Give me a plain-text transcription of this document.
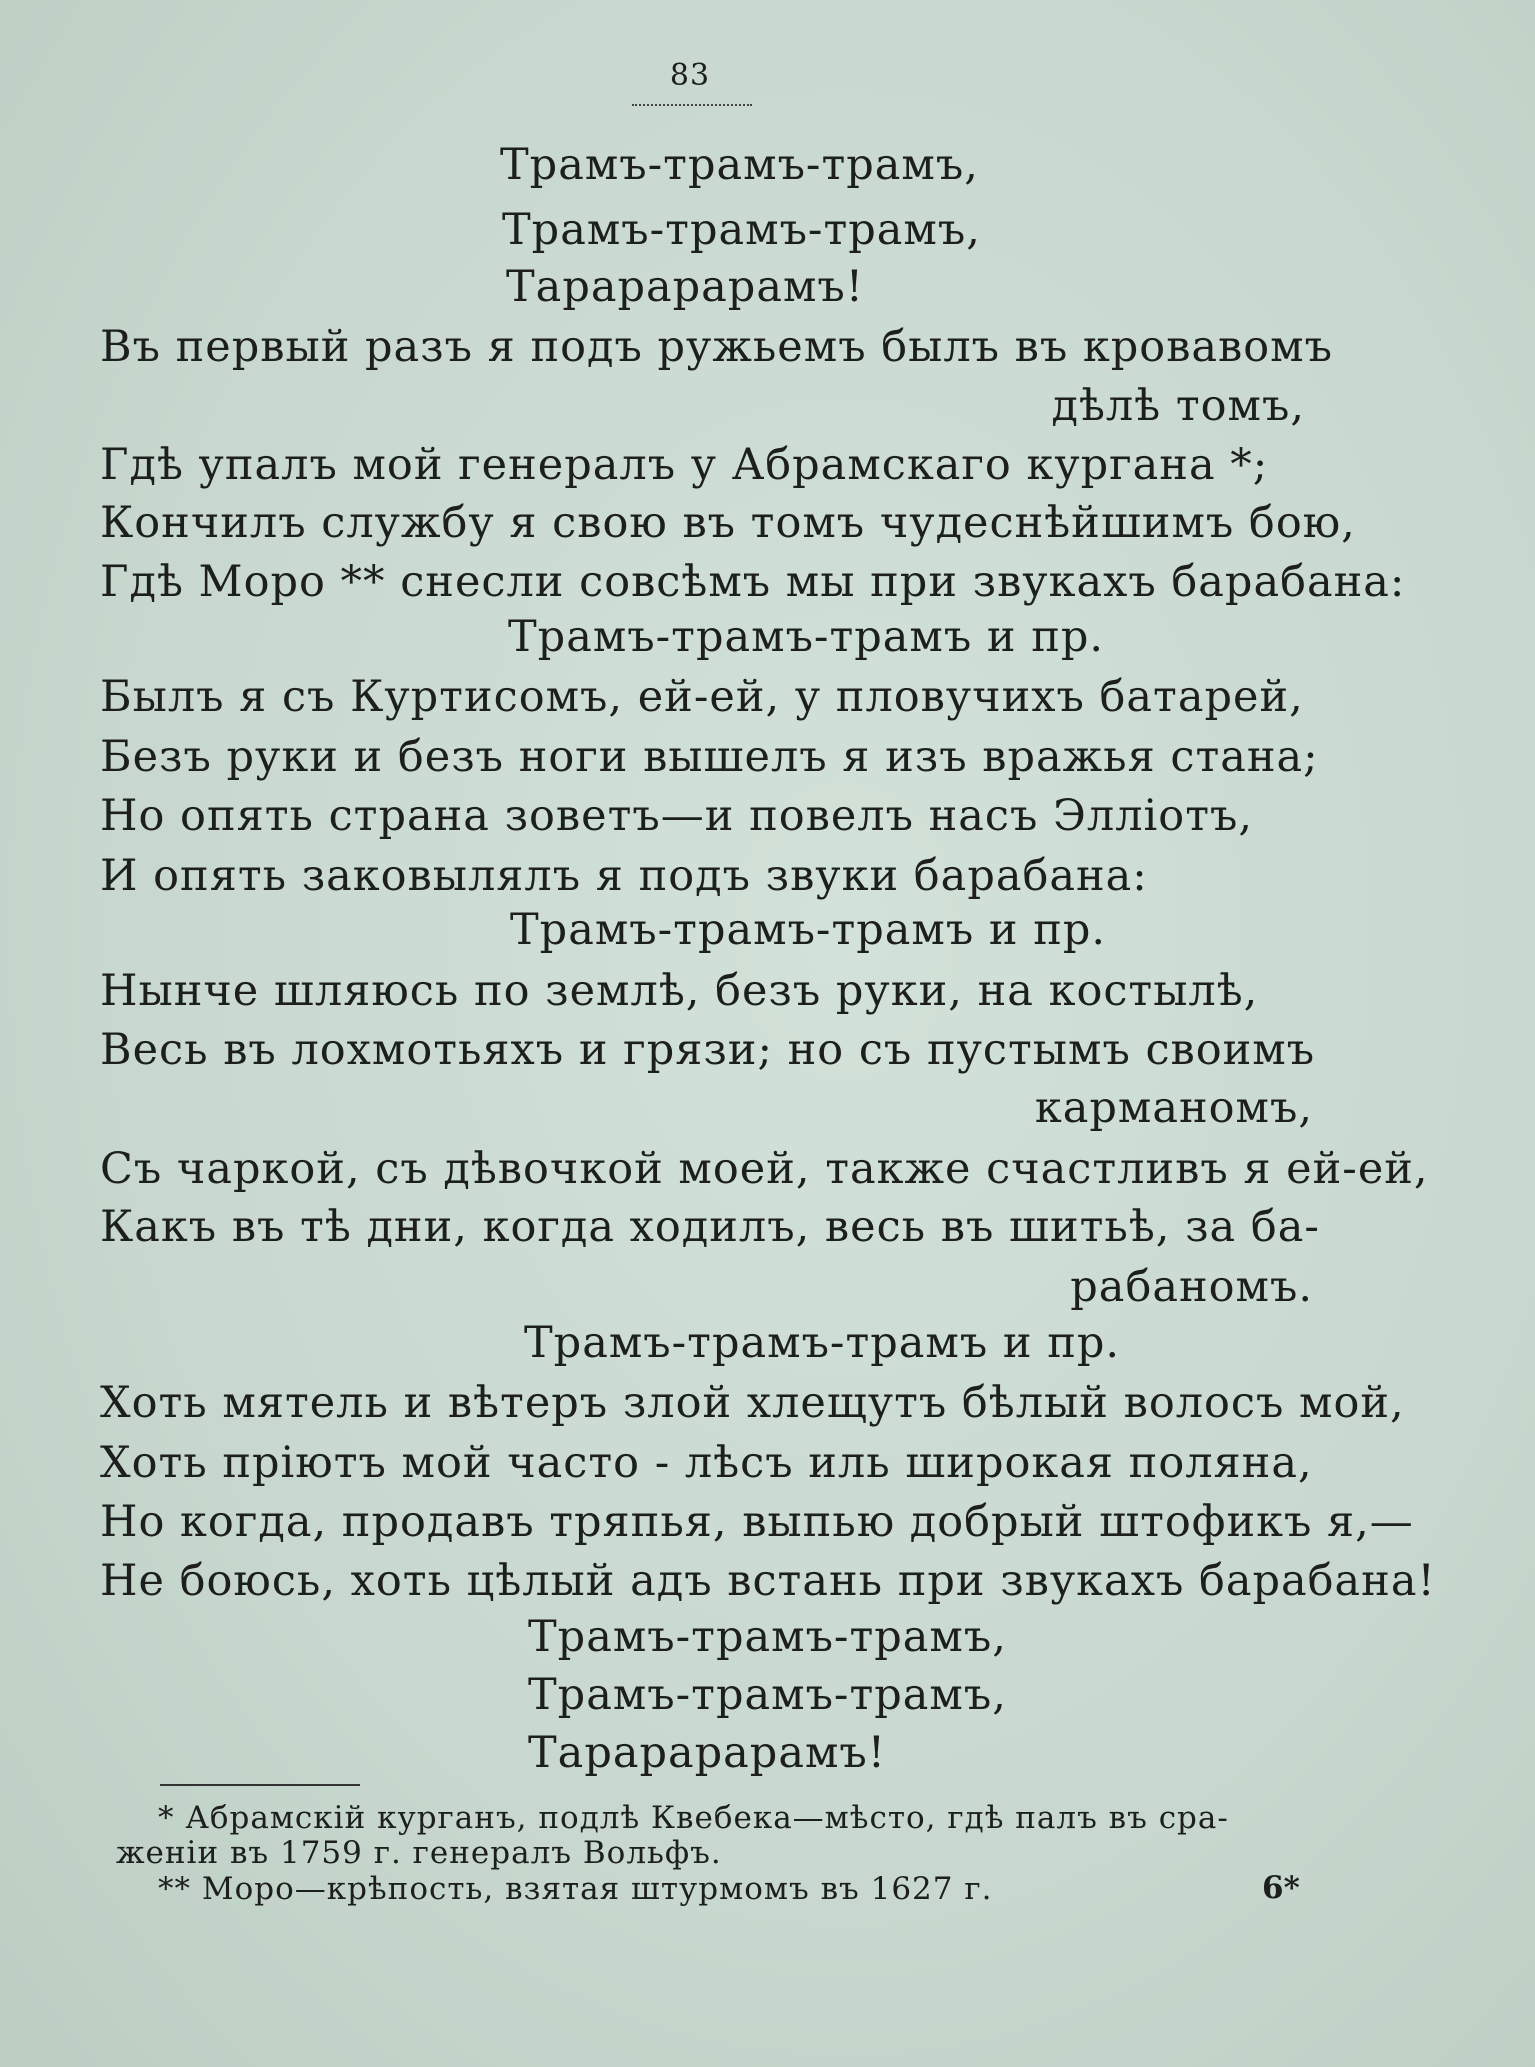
83
Трамъ-трамъ-трамъ,
Трамъ-трамъ-трамъ,
Тарарарарамъ!
Въ первый разъ я подъ ружьемъ былъ въ кровавомъ
дѣлѣ томъ,
Гдѣ упалъ мой генералъ у Абрамскаго кургана *;
Кончилъ службу я свою въ томъ чудеснѣйшимъ бою,
Гдѣ Моро ** снесли совсѣмъ мы при звукахъ барабана:
Трамъ-трамъ-трамъ и пр.
Былъ я съ Куртисомъ, ей-ей, у пловучихъ батарей,
Безъ руки и безъ ноги вышелъ я изъ вражья стана;
Но опять страна зоветъ—и повелъ насъ Эллiотъ,
И опять заковылялъ я подъ звуки барабана:
Трамъ-трамъ-трамъ и пр.
Нынче шляюсь по землѣ, безъ руки, на костылѣ,
Весь въ лохмотьяхъ и грязи; но съ пустымъ своимъ
карманомъ,
Съ чаркой, съ дѣвочкой моей, также счастливъ я ей-ей,
Какъ въ тѣ дни, когда ходилъ, весь въ шитьѣ, за ба-
рабаномъ.
Трамъ-трамъ-трамъ и пр.
Хоть мятель и вѣтеръ злой хлещутъ бѣлый волосъ мой,
Хоть прiютъ мой часто - лѣсъ иль широкая поляна,
Но когда, продавъ тряпья, выпью добрый штофикъ я,—
Не боюсь, хоть цѣлый адъ встань при звукахъ барабана!
Трамъ-трамъ-трамъ,
Трамъ-трамъ-трамъ,
Тарарарарамъ!
* Абрамскiй курганъ, подлѣ Квебека—мѣсто, гдѣ палъ въ сра-
женiи въ 1759 г. генералъ Вольфъ.
** Моро—крѣпость, взятая штурмомъ въ 1627 г.	6*
